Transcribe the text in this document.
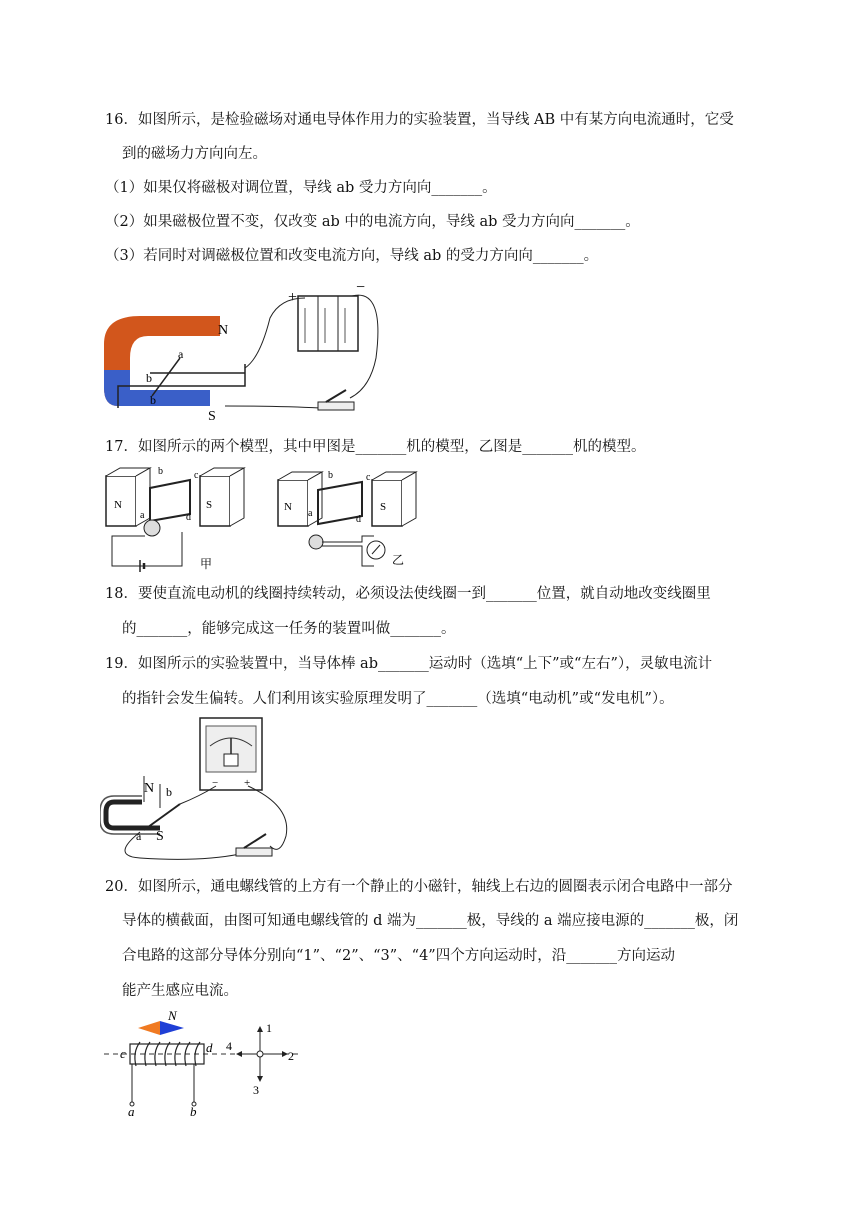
16．如图所示，是检验磁场对通电导体作用力的实验装置，当导线 AB 中有某方向电流通时，它受
到的磁场力方向向左。
（1）如果仅将磁极对调位置，导线 ab 受力方向向_______。
（2）如果磁极位置不变，仅改变 ab 中的电流方向，导线 ab 受力方向向_______。
（3）若同时对调磁极位置和改变电流方向，导线 ab 的受力方向向_______。
+
−
N
S
a
b
b
17．如图所示的两个模型，其中甲图是_______机的模型，乙图是_______机的模型。
N	S
b	c
a	d
甲
N	S
b	c
a
d
乙
18．要使直流电动机的线圈持续转动，必须设法使线圈一到_______位置，就自动地改变线圈里
的_______，能够完成这一任务的装置叫做_______。
19．如图所示的实验装置中，当导体棒 ab_______运动时（选填“上下”或“左右”），灵敏电流计
的指针会发生偏转。人们利用该实验原理发明了_______（选填“电动机”或“发电机”）。
− +
N
S
b
a
20．如图所示，通电螺线管的上方有一个静止的小磁针，轴线上右边的圆圈表示闭合电路中一部分
导体的横截面，由图可知通电螺线管的 d 端为_______极，导线的 a 端应接电源的_______极，闭
合电路的这部分导体分别向“1”、“2”、“3”、“4”四个方向运动时，沿_______方向运动
能产生感应电流。
N
c	d
a	b
1
2
3
4
